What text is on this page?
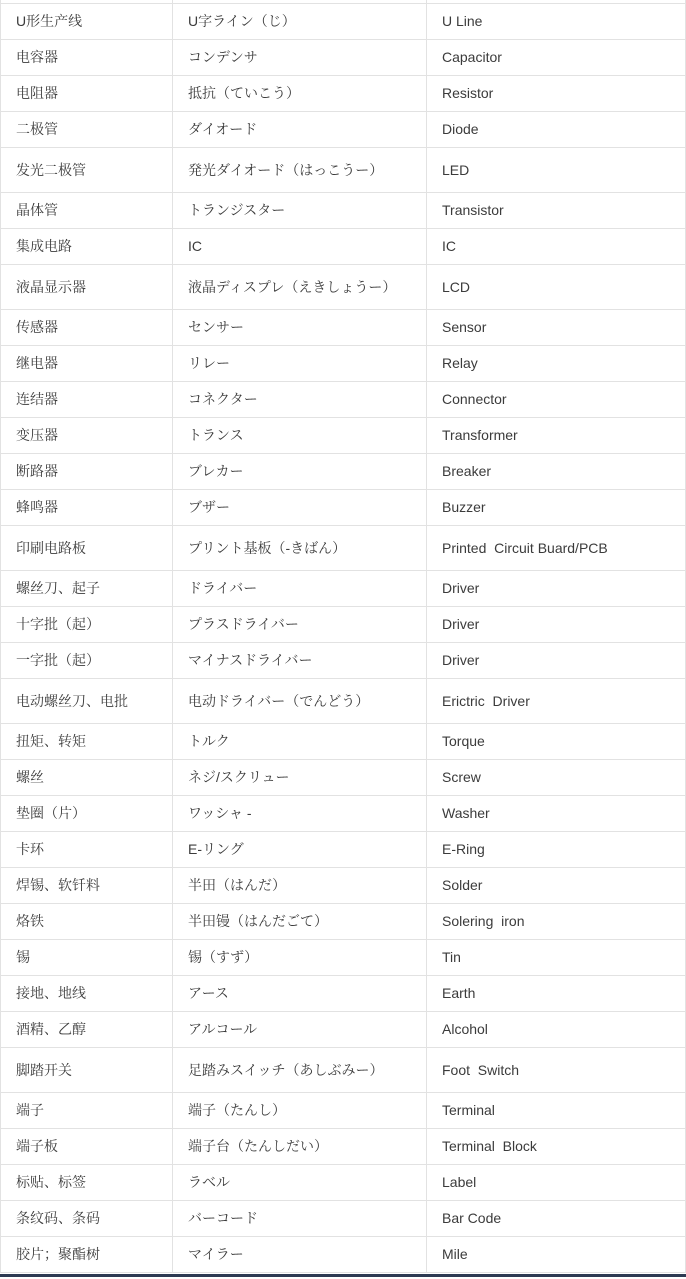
U形生产线	U字ライン（じ）	U Line
电容器	コンデンサ	Capacitor
电阻器	抵抗（ていこう）	Resistor
二极管	ダイオード	Diode
发光二极管	発光ダイオード（はっこうー）	LED
晶体管	トランジスター	Transistor
集成电路	IC	IC
液晶显示器	液晶ディスプレ（えきしょうー）	LCD
传感器	センサー	Sensor
继电器	リレー	Relay
连结器	コネクター	Connector
变压器	トランス	Transformer
断路器	ブレカー	Breaker
蜂鸣器	ブザー	Buzzer
印刷电路板	プリント基板（‐きばん）	Printed  Circuit Buard/PCB
螺丝刀、起子	ドライバー	Driver
十字批（起）	プラスドライバー	Driver
一字批（起）	マイナスドライバー	Driver
电动螺丝刀、电批	电动ドライバー（でんどう）	Erictric  Driver
扭矩、转矩	トルク	Torque
螺丝	ネジ/スクリュー	Screw
垫圈（片）	ワッシャ -	Washer
卡环	E-リング	E-Ring
焊锡、软钎料	半田（はんだ）	Solder
烙铁	半田镘（はんだごて）	Solering  iron
锡	锡（すず）	Tin
接地、地线	アース	Earth
酒精、乙醇	アルコール	Alcohol
脚踏开关	足踏みスイッチ（あしぶみー）	Foot  Switch
端子	端子（たんし）	Terminal
端子板	端子台（たんしだい）	Terminal  Block
标贴、标签	ラベル	Label
条纹码、条码	バーコード	Bar Code
胶片；聚酯树	マイラー	Mile
